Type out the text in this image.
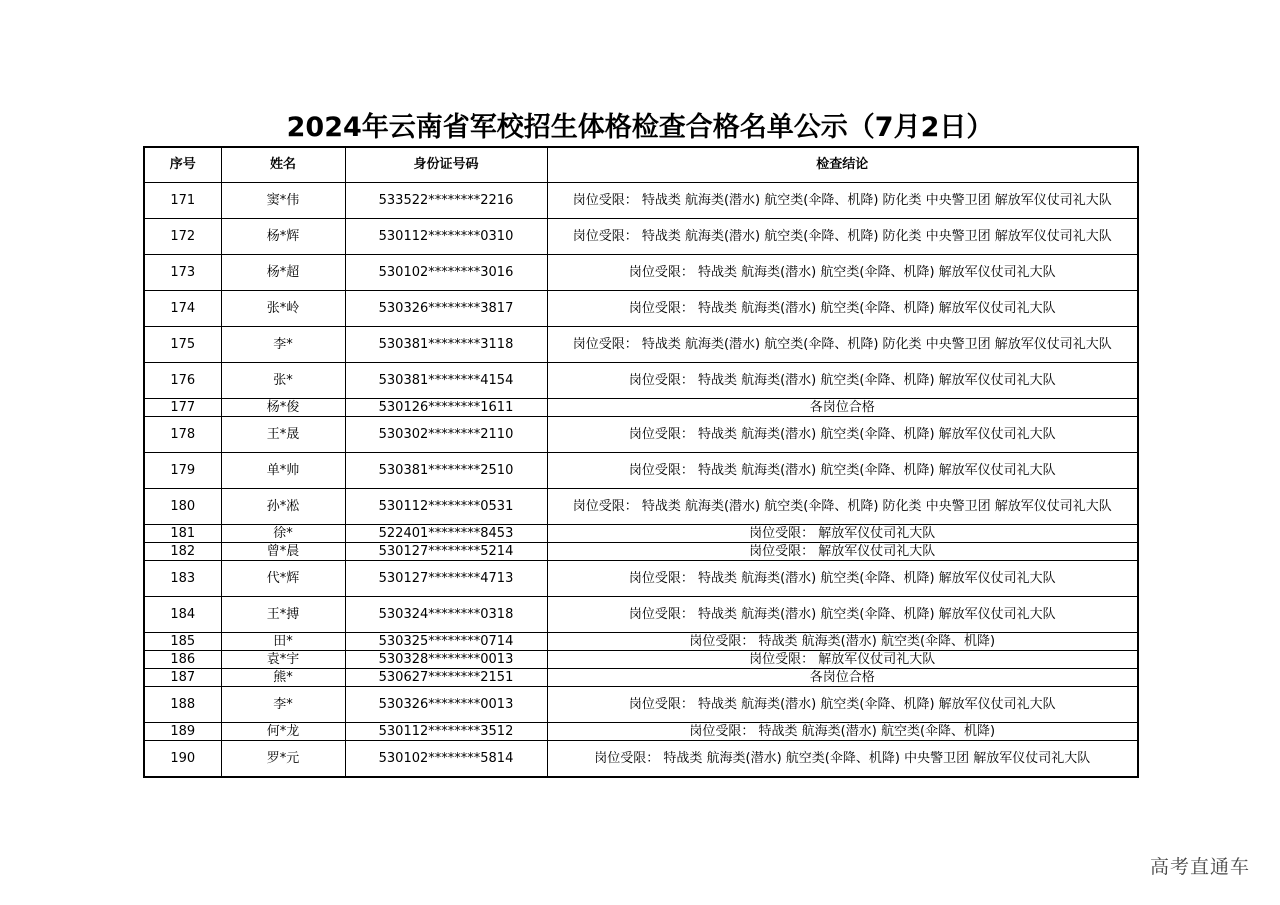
2024年云南省军校招生体格检查合格名单公示（7月2日）
序号	姓名	身份证号码	检查结论
171	窦*伟	533522********2216	岗位受限： 特战类 航海类(潜水) 航空类(伞降、机降) 防化类 中央警卫团 解放军仪仗司礼大队
172	杨*辉	530112********0310	岗位受限： 特战类 航海类(潜水) 航空类(伞降、机降) 防化类 中央警卫团 解放军仪仗司礼大队
173	杨*超	530102********3016	岗位受限： 特战类 航海类(潜水) 航空类(伞降、机降) 解放军仪仗司礼大队
174	张*岭	530326********3817	岗位受限： 特战类 航海类(潜水) 航空类(伞降、机降) 解放军仪仗司礼大队
175	李*	530381********3118	岗位受限： 特战类 航海类(潜水) 航空类(伞降、机降) 防化类 中央警卫团 解放军仪仗司礼大队
176	张*	530381********4154	岗位受限： 特战类 航海类(潜水) 航空类(伞降、机降) 解放军仪仗司礼大队
177	杨*俊	530126********1611	各岗位合格
178	王*晟	530302********2110	岗位受限： 特战类 航海类(潜水) 航空类(伞降、机降) 解放军仪仗司礼大队
179	单*帅	530381********2510	岗位受限： 特战类 航海类(潜水) 航空类(伞降、机降) 解放军仪仗司礼大队
180	孙*凇	530112********0531	岗位受限： 特战类 航海类(潜水) 航空类(伞降、机降) 防化类 中央警卫团 解放军仪仗司礼大队
181	徐*	522401********8453	岗位受限： 解放军仪仗司礼大队
182	曾*晨	530127********5214	岗位受限： 解放军仪仗司礼大队
183	代*辉	530127********4713	岗位受限： 特战类 航海类(潜水) 航空类(伞降、机降) 解放军仪仗司礼大队
184	王*搏	530324********0318	岗位受限： 特战类 航海类(潜水) 航空类(伞降、机降) 解放军仪仗司礼大队
185	田*	530325********0714	岗位受限： 特战类 航海类(潜水) 航空类(伞降、机降)
186	袁*宇	530328********0013	岗位受限： 解放军仪仗司礼大队
187	熊*	530627********2151	各岗位合格
188	李*	530326********0013	岗位受限： 特战类 航海类(潜水) 航空类(伞降、机降) 解放军仪仗司礼大队
189	何*龙	530112********3512	岗位受限： 特战类 航海类(潜水) 航空类(伞降、机降)
190	罗*元	530102********5814	岗位受限： 特战类 航海类(潜水) 航空类(伞降、机降) 中央警卫团 解放军仪仗司礼大队
高考直通车
